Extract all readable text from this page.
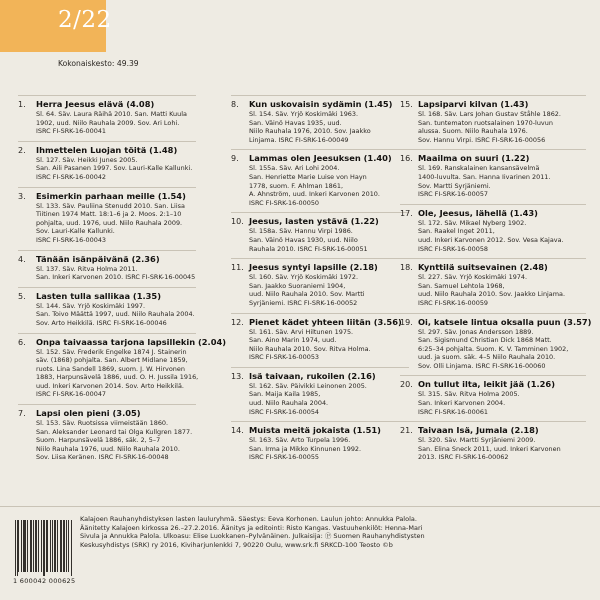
2/22
Kokonaiskesto: 49.39
1.	Herra Jeesus elävä (4.08)
Sl. 64. Säv. Laura Räihä 2010. San. Matti Kuula
1902, uud. Niilo Rauhala 2009. Sov. Ari Lohi.
ISRC FI-SRK-16-00041
2.	Ihmettelen Luojan töitä (1.48)
Sl. 127. Säv. Heikki Junes 2005.
San. Aili Pasanen 1997. Sov. Lauri-Kalle Kallunki.
ISRC FI-SRK-16-00042
3.	Esimerkin parhaan meille (1.54)
Sl. 133. Säv. Pauliina Stenudd 2010. San. Liisa
Tiitinen 1974 Matt. 18:1–6 ja 2. Moos. 2:1–10
pohjalta, uud. 1976, uud. Niilo Rauhala 2009.
Sov. Lauri-Kalle Kallunki.
ISRC FI-SRK-16-00043
4.	Tänään isänpäivänä (2.36)
Sl. 137. Säv. Ritva Holma 2011.
San. Inkeri Karvonen 2010. ISRC FI-SRK-16-00045
5.	Lasten tulla sallikaa (1.35)
Sl. 144. Säv. Yrjö Koskimäki 1997.
San. Toivo Määttä 1997, uud. Niilo Rauhala 2004.
Sov. Arto Heikkilä. ISRC FI-SRK-16-00046
6.	Onpa taivaassa tarjona lapsillekin (2.04)
Sl. 152. Säv. Frederik Engelke 1874 J. Stainerin
säv. (1868) pohjalta. San. Albert Midlane 1859,
ruots. Lina Sandell 1869, suom. J. W. Hirvonen
1883, Harpunsävelä 1886, uud. O. H. Jussila 1916,
uud. Inkeri Karvonen 2014. Sov. Arto Heikkilä.
ISRC FI-SRK-16-00047
7.	Lapsi olen pieni (3.05)
Sl. 153. Säv. Ruotsissa viimeistään 1860.
San. Aleksander Leonard tai Olga Kullgren 1877.
Suom. Harpunsävelä 1886, säk. 2, 5–7
Niilo Rauhala 1976, uud. Niilo Rauhala 2010.
Sov. Liisa Keränen. ISRC FI-SRK-16-00048
8.	Kun uskovaisin sydämin (1.45)
Sl. 154. Säv. Yrjö Koskimäki 1963.
San. Väinö Havas 1935, uud.
Niilo Rauhala 1976, 2010. Sov. Jaakko
Linjama. ISRC FI-SRK-16-00049
9.	Lammas olen Jeesuksen (1.40)
Sl. 155a. Säv. Ari Lohi 2004.
San. Henriette Marie Luise von Hayn
1778, suom. F. Ahlman 1861,
A. Ahnström, uud. Inkeri Karvonen 2010.
ISRC FI-SRK-16-00050
10. Jeesus, lasten ystävä (1.22)
Sl. 158a. Säv. Hannu Virpi 1986.
San. Väinö Havas 1930, uud. Niilo
Rauhala 2010. ISRC FI-SRK-16-00051
11. Jeesus syntyi lapsille (2.18)
Sl. 160. Säv. Yrjö Koskimäki 1972.
San. Jaakko Suoraniemi 1904,
uud. Niilo Rauhala 2010. Sov. Martti
Syrjäniemi. ISRC FI-SRK-16-00052
12. Pienet kädet yhteen liitän (3.56)
Sl. 161. Säv. Arvi Hiltunen 1975.
San. Aino Marin 1974, uud.
Niilo Rauhala 2010. Sov. Ritva Holma.
ISRC FI-SRK-16-00053
13. Isä taivaan, rukoilen (2.16)
Sl. 162. Säv. Päivikki Leinonen 2005.
San. Maija Kaila 1985,
uud. Niilo Rauhala 2004.
ISRC FI-SRK-16-00054
14. Muista meitä jokaista (1.51)
Sl. 163. Säv. Arto Turpela 1996.
San. Irma ja Mikko Kinnunen 1992.
ISRC FI-SRK-16-00055
15. Lapsiparvi kilvan (1.43)
Sl. 168. Säv. Lars Johan Gustav Ståhle 1862.
San. tuntematon ruotsalainen 1970-luvun
alussa. Suom. Niilo Rauhala 1976.
Sov. Hannu Virpi. ISRC FI-SRK-16-00056
16. Maailma on suuri (1.22)
Sl. 169. Ranskalainen kansansävelmä
1400-luvulta. San. Hanna Iivarinen 2011.
Sov. Martti Syrjäniemi.
ISRC FI-SRK-16-00057
17. Ole, Jeesus, lähellä (1.43)
Sl. 172. Säv. Mikael Nyberg 1902.
San. Raakel Inget 2011,
uud. Inkeri Karvonen 2012. Sov. Vesa Kajava.
ISRC FI-SRK-16-00058
18. Kynttilä suitsevainen (2.48)
Sl. 227. Säv. Yrjö Koskimäki 1974.
San. Samuel Lehtola 1968,
uud. Niilo Rauhala 2010. Sov. Jaakko Linjama.
ISRC FI-SRK-16-00059
19. Oi, katsele lintua oksalla puun (3.57)
Sl. 297. Säv. Jonas Andersson 1889.
San. Sigismund Christian Dick 1868 Matt.
6:25–34 pohjalta. Suom. K. V. Tamminen 1902,
uud. ja suom. säk. 4–5 Niilo Rauhala 2010.
Sov. Olli Linjama. ISRC FI-SRK-16-00060
20. On tullut ilta, leikit jää (1.26)
Sl. 315. Säv. Ritva Holma 2005.
San. Inkeri Karvonen 2004.
ISRC FI-SRK-16-00061
21. Taivaan Isä, Jumala (2.18)
Sl. 320. Säv. Martti Syrjäniemi 2009.
San. Elina Sneck 2011, uud. Inkeri Karvonen
2013. ISRC FI-SRK-16-00062
1 600042 000625
Kalajoen Rauhanyhdistyksen lasten lauluryhmä. Säestys: Eeva Korhonen. Laulun johto: Annukka Palola.
Äänitetty Kalajoen kirkossa 26.–27.2.2016. Äänitys ja editointi: Risto Kangas. Vastuuhenkilöt: Henna-Mari
Sivula ja Annukka Palola. Ulkoasu: Elise Luokkanen–Pylvänäinen. Julkaisija: Ⓟ Suomen Rauhanyhdistysten
Keskusyhdistys (SRK) ry 2016, Kiviharjunlenkki 7, 90220 Oulu, www.srk.fi SRKCD-100 Teosto ©b
